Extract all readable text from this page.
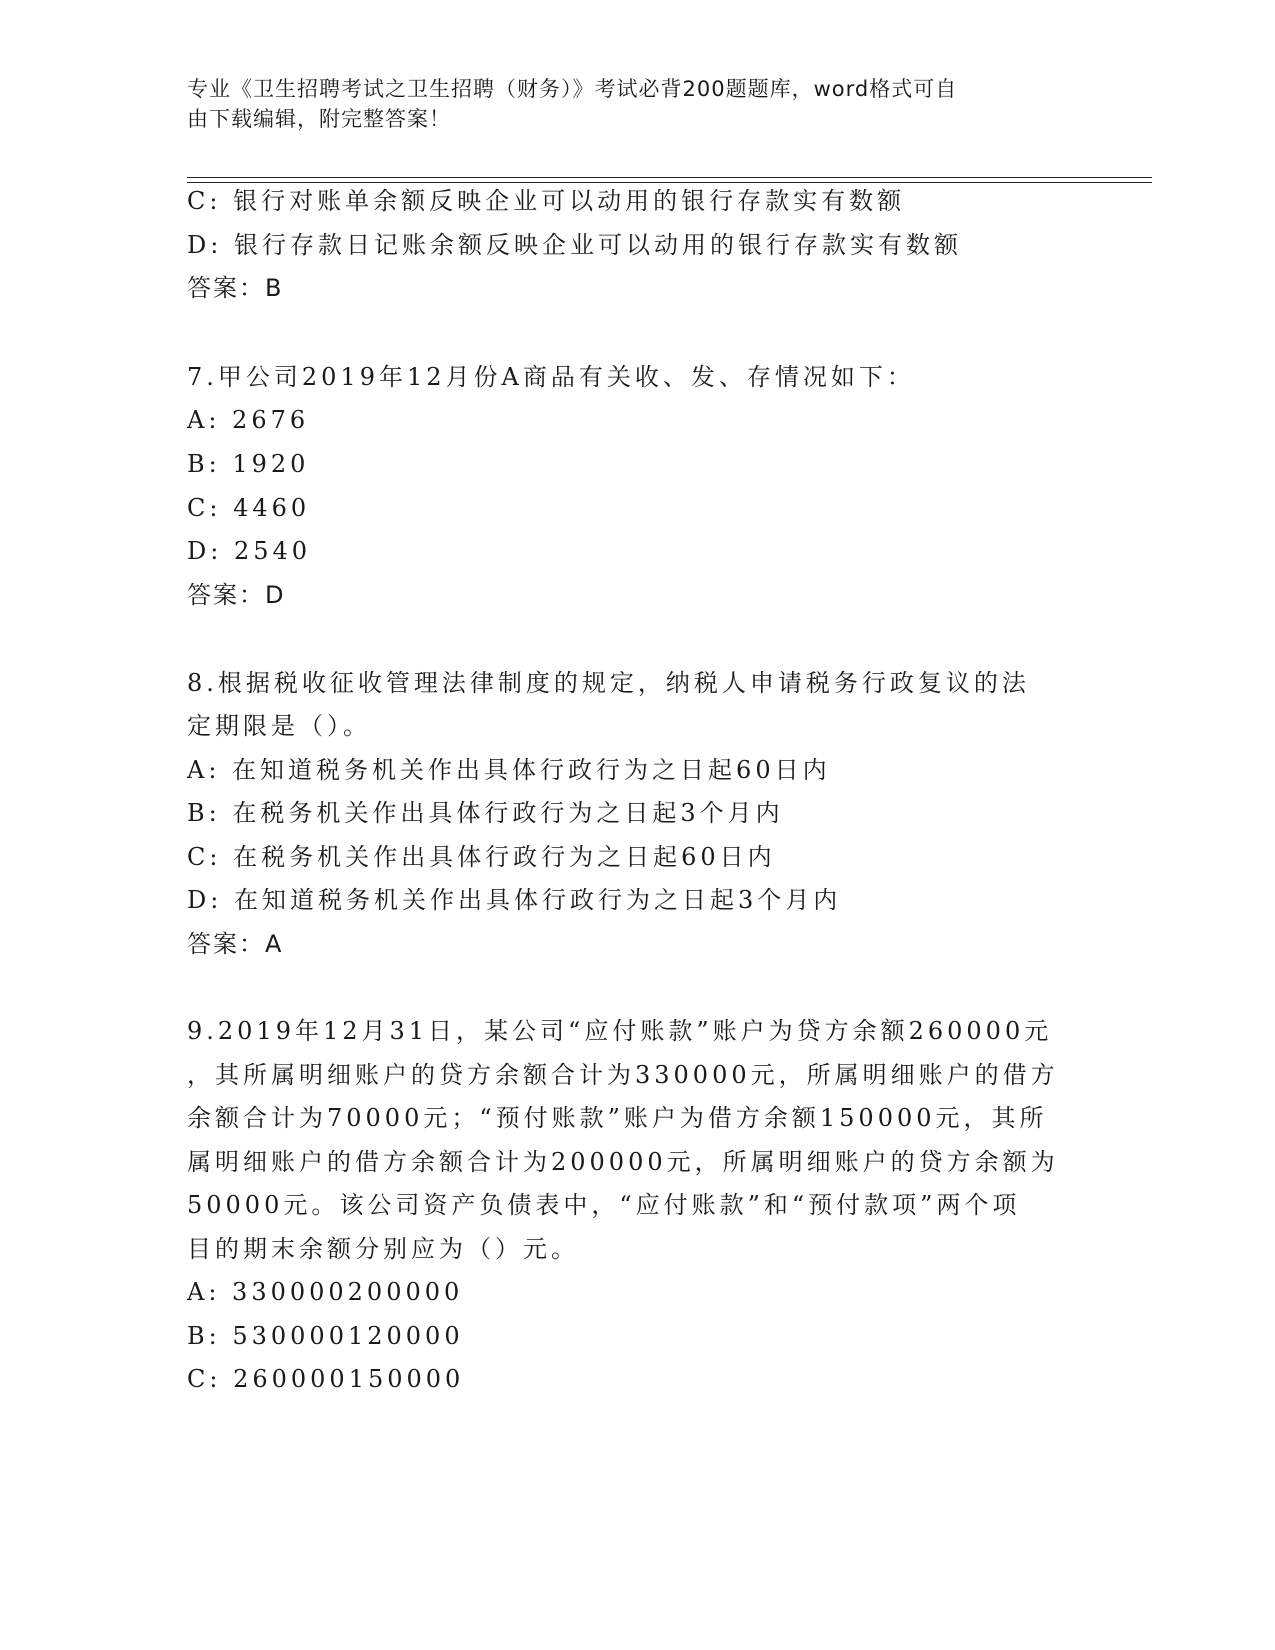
专业《卫生招聘考试之卫生招聘（财务）》考试必背200题题库，word格式可自
由下载编辑，附完整答案！
C: 银行对账单余额反映企业可以动用的银行存款实有数额
D: 银行存款日记账余额反映企业可以动用的银行存款实有数额
答案：B
7.甲公司2019年12月份A商品有关收、发、存情况如下：
A: 2676
B: 1920
C: 4460
D: 2540
答案：D
8.根据税收征收管理法律制度的规定，纳税人申请税务行政复议的法
定期限是（）。
A: 在知道税务机关作出具体行政行为之日起60日内
B: 在税务机关作出具体行政行为之日起3个月内
C: 在税务机关作出具体行政行为之日起60日内
D: 在知道税务机关作出具体行政行为之日起3个月内
答案：A
9.2019年12月31日，某公司“应付账款”账户为贷方余额260000元
，其所属明细账户的贷方余额合计为330000元，所属明细账户的借方
余额合计为70000元；“预付账款”账户为借方余额150000元，其所
属明细账户的借方余额合计为200000元，所属明细账户的贷方余额为
50000元。该公司资产负债表中，“应付账款”和“预付款项”两个项
目的期末余额分别应为（）元。
A: 330000200000
B: 530000120000
C: 260000150000
